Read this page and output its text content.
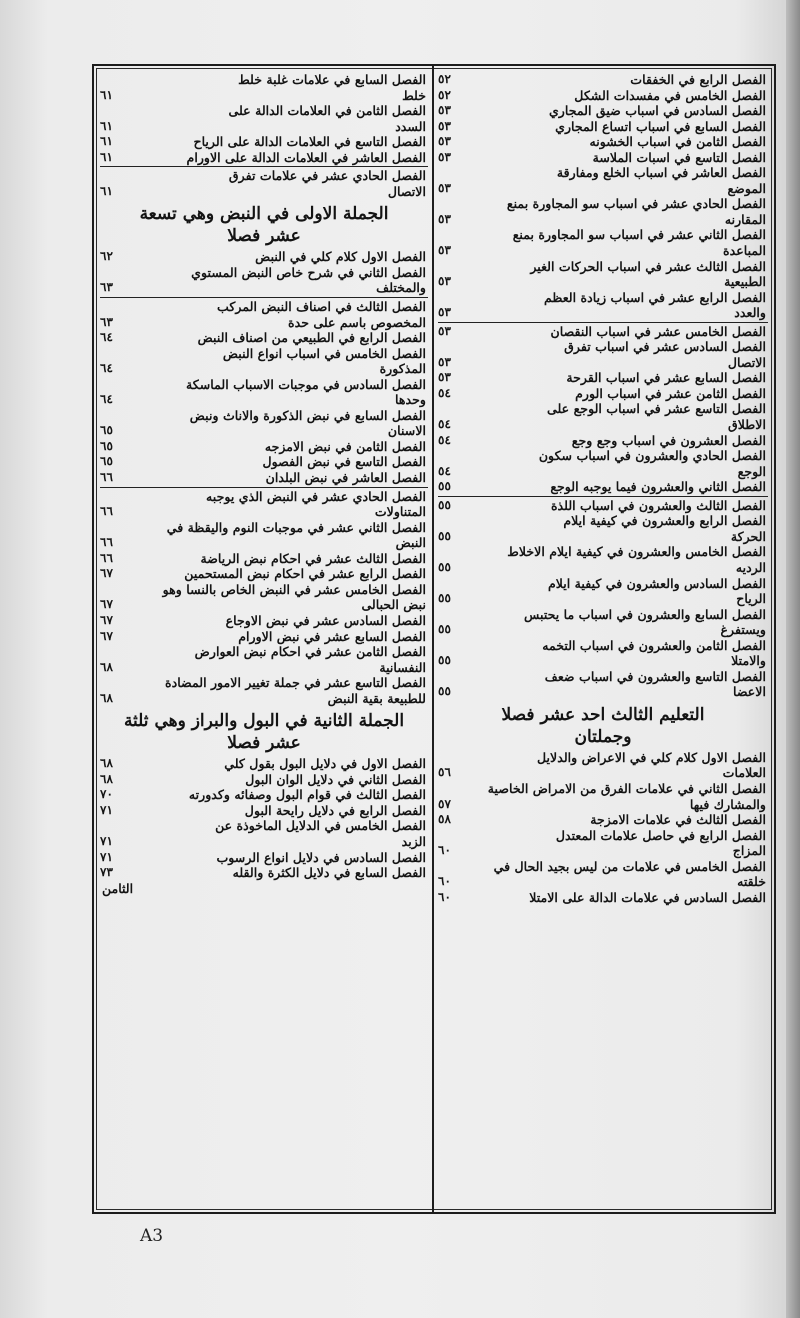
الفصل الرابع في الخفقات
٥٢
الفصل الخامس في مفسدات الشكل
٥٢
الفصل السادس في اسباب ضيق المجاري
٥٣
الفصل السابع في اسباب اتساع المجاري
٥٣
الفصل الثامن في اسباب الخشونه
٥٣
الفصل التاسع في اسبات الملاسة
٥٣
الفصل العاشر في اسباب الخلع ومفارقة
الموضع
٥٣
الفصل الحادي عشر في اسباب سو المجاورة بمنع
المقارنه
٥٣
الفصل الثاني عشر في اسباب سو المجاورة بمنع
المباعدة
٥٣
الفصل الثالث عشر في اسباب الحركات الغير
الطبيعية
٥٣
الفصل الرابع عشر في اسباب زيادة العظم
والعدد
٥٣
الفصل الخامس عشر في اسباب النقصان
٥٣
الفصل السادس عشر في اسباب تفرق
الاتصال
٥٣
الفصل السابع عشر في اسباب القرحة
٥٣
الفصل الثامن عشر في اسباب الورم
٥٤
الفصل التاسع عشر في اسباب الوجع على
الاطلاق
٥٤
الفصل العشرون في اسباب وجع وجع
٥٤
الفصل الحادي والعشرون في اسباب سكون
الوجع
٥٤
الفصل الثاني والعشرون فيما يوجبه الوجع
٥٥
الفصل الثالث والعشرون في اسباب اللذة
٥٥
الفصل الرابع والعشرون في كيفية ايلام
الحركة
٥٥
الفصل الخامس والعشرون في كيفية ايلام الاخلاط
الرديه
٥٥
الفصل السادس والعشرون في كيفية ايلام
الرياح
٥٥
الفصل السابع والعشرون في اسباب ما يحتبس
ويستفرغ
٥٥
الفصل الثامن والعشرون في اسباب التخمه
والامتلا
٥٥
الفصل التاسع والعشرون في اسباب ضعف
الاعضا
٥٥
التعليم الثالث احد عشر فصلا
وجملتان
الفصل الاول كلام كلي في الاعراض والدلايل
العلامات
٥٦
الفصل الثاني في علامات الفرق من الامراض الخاصية
والمشارك فيها
٥٧
الفصل الثالث في علامات الامزجة
٥٨
الفصل الرابع في حاصل علامات المعتدل
المزاج
٦٠
الفصل الخامس في علامات من ليس بجيد الحال في
خلقته
٦٠
الفصل السادس في علامات الدالة على الامتلا
٦٠
الفصل السابع في علامات غلبة خلط
خلط
٦١
الفصل الثامن في العلامات الدالة على
السدد
٦١
الفصل التاسع في العلامات الدالة على الرياح
٦١
الفصل العاشر في العلامات الدالة على الاورام
٦١
الفصل الحادي عشر في علامات تفرق
الاتصال
٦١
الجملة الاولى في النبض وهي تسعة
عشر فصلا
الفصل الاول كلام كلي في النبض
٦٢
الفصل الثاني في شرح خاص النبض المستوي
والمختلف
٦٣
الفصل الثالث في اصناف النبض المركب
المخصوص باسم على حدة
٦٣
الفصل الرابع في الطبيعي من اصناف النبض
٦٤
الفصل الخامس في اسباب انواع النبض
المذكورة
٦٤
الفصل السادس في موجبات الاسباب الماسكة
وحدها
٦٤
الفصل السابع في نبض الذكورة والاناث ونبض
الاسنان
٦٥
الفصل الثامن في نبض الامزجه
٦٥
الفصل التاسع في نبض الفصول
٦٥
الفصل العاشر في نبض البلدان
٦٦
الفصل الحادي عشر في النبض الذي يوجبه
المتناولات
٦٦
الفصل الثاني عشر في موجبات النوم واليقظة في
النبض
٦٦
الفصل الثالث عشر في احكام نبض الرياضة
٦٦
الفصل الرابع عشر في احكام نبض المستحمين
٦٧
الفصل الخامس عشر في النبض الخاص بالنسا وهو
نبض الحبالى
٦٧
الفصل السادس عشر في نبض الاوجاع
٦٧
الفصل السابع عشر في نبض الاورام
٦٧
الفصل الثامن عشر في احكام نبض العوارض
النفسانية
٦٨
الفصل التاسع عشر في جملة تغيير الامور المضادة
للطبيعة بقية النبض
٦٨
الجملة الثانية في البول والبراز وهي ثلثة
عشر فصلا
الفصل الاول في دلايل البول بقول كلي
٦٨
الفصل الثاني في دلايل الوان البول
٦٨
الفصل الثالث في قوام البول وصفائه وكدورته
٧٠
الفصل الرابع في دلايل رايحة البول
٧١
الفصل الخامس في الدلايل الماخوذة عن
الزبد
٧١
الفصل السادس في دلايل انواع الرسوب
٧١
الفصل السابع في دلايل الكثرة والقله
٧٣
الثامن
A3
